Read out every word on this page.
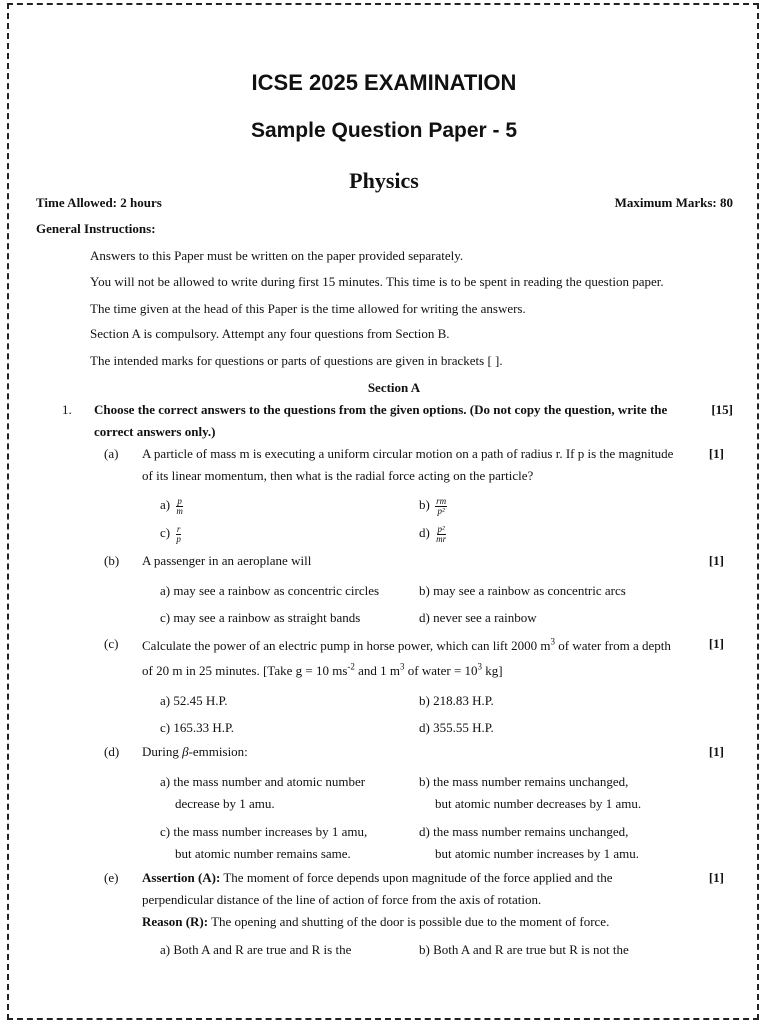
ICSE 2025 EXAMINATION
Sample Question Paper - 5
Physics
Time Allowed: 2 hours	Maximum Marks: 80
General Instructions:
Answers to this Paper must be written on the paper provided separately.
You will not be allowed to write during first 15 minutes. This time is to be spent in reading the question paper.
The time given at the head of this Paper is the time allowed for writing the answers.
Section A is compulsory. Attempt any four questions from Section B.
The intended marks for questions or parts of questions are given in brackets [ ].
Section A
1. Choose the correct answers to the questions from the given options. (Do not copy the question, write the
correct answers only.)
[15]
(a) A particle of mass m is executing a uniform circular motion on a path of radius r. If p is the magnitude
of its linear momentum, then what is the radial force acting on the particle?
[1]
$a) \frac{p}{m}$	$b) \frac{rm}{\text{p²}}$
$c) \frac{r}{p}$	$d) \frac{\text{p²}}{mr}$
(b) A passenger in an aeroplane will	[1]
a) may see a rainbow as concentric circles	b) may see a rainbow as concentric arcs
c) may see a rainbow as straight bands	d) never see a rainbow
(c) Calculate the power of an electric pump in horse power, which can lift 2000 $m^3$ of water from a depth
of 20 m in 25 minutes. [Take g = 10 $ms^{-2}$ and 1 $m^3$ of water = $10^3$ kg]
[1]
a) 52.45 H.P.	b) 218.83 H.P.
c) 165.33 H.P.	d) 355.55 H.P.
(d) During β-emmision:	[1]
a) the mass number and atomic number
decrease by 1 amu.
b) the mass number remains unchanged,
but atomic number decreases by 1 amu.
c) the mass number increases by 1 amu,
but atomic number remains same.
d) the mass number remains unchanged,
but atomic number increases by 1 amu.
(e) Assertion (A): The moment of force depends upon magnitude of the force applied and the
perpendicular distance of the line of action of force from the axis of rotation.
Reason (R): The opening and shutting of the door is possible due to the moment of force.
[1]
a) Both A and R are true and R is the	b) Both A and R are true but R is not the
